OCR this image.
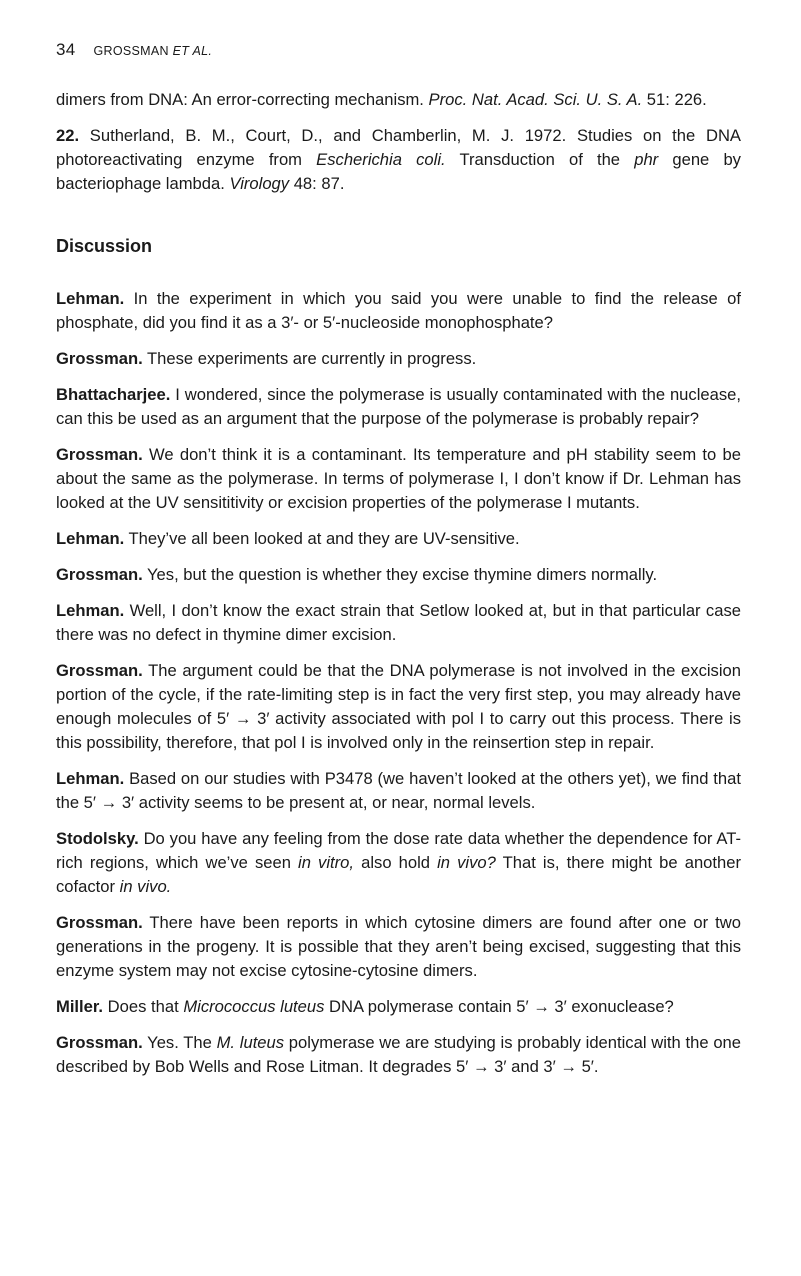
34 GROSSMAN ET AL.

dimers from DNA: An error-correcting mechanism. Proc. Nat. Acad. Sci. U. S. A. 51: 226.

22. Sutherland, B. M., Court, D., and Chamberlin, M. J. 1972. Studies on the DNA photoreactivating enzyme from Escherichia coli. Transduction of the phr gene by bacteriophage lambda. Virology 48: 87.

Discussion

Lehman. In the experiment in which you said you were unable to find the release of phosphate, did you find it as a 3′- or 5′-nucleoside monophosphate?

Grossman. These experiments are currently in progress.

Bhattacharjee. I wondered, since the polymerase is usually contaminated with the nuclease, can this be used as an argument that the purpose of the polymerase is probably repair?

Grossman. We don’t think it is a contaminant. Its temperature and pH stability seem to be about the same as the polymerase. In terms of polymerase I, I don’t know if Dr. Lehman has looked at the UV sensititivity or excision properties of the polymerase I mutants.

Lehman. They’ve all been looked at and they are UV-sensitive.

Grossman. Yes, but the question is whether they excise thymine dimers normally.

Lehman. Well, I don’t know the exact strain that Setlow looked at, but in that particular case there was no defect in thymine dimer excision.

Grossman. The argument could be that the DNA polymerase is not involved in the excision portion of the cycle, if the rate-limiting step is in fact the very first step, you may already have enough molecules of 5′ → 3′ activity associated with pol I to carry out this process. There is this possibility, therefore, that pol I is involved only in the reinsertion step in repair.

Lehman. Based on our studies with P3478 (we haven’t looked at the others yet), we find that the 5′ → 3′ activity seems to be present at, or near, normal levels.

Stodolsky. Do you have any feeling from the dose rate data whether the dependence for AT-rich regions, which we’ve seen in vitro, also hold in vivo? That is, there might be another cofactor in vivo.

Grossman. There have been reports in which cytosine dimers are found after one or two generations in the progeny. It is possible that they aren’t being excised, suggesting that this enzyme system may not excise cytosine-cytosine dimers.

Miller. Does that Micrococcus luteus DNA polymerase contain 5′ → 3′ exonuclease?

Grossman. Yes. The M. luteus polymerase we are studying is probably identical with the one described by Bob Wells and Rose Litman. It degrades 5′ → 3′ and 3′ → 5′.
